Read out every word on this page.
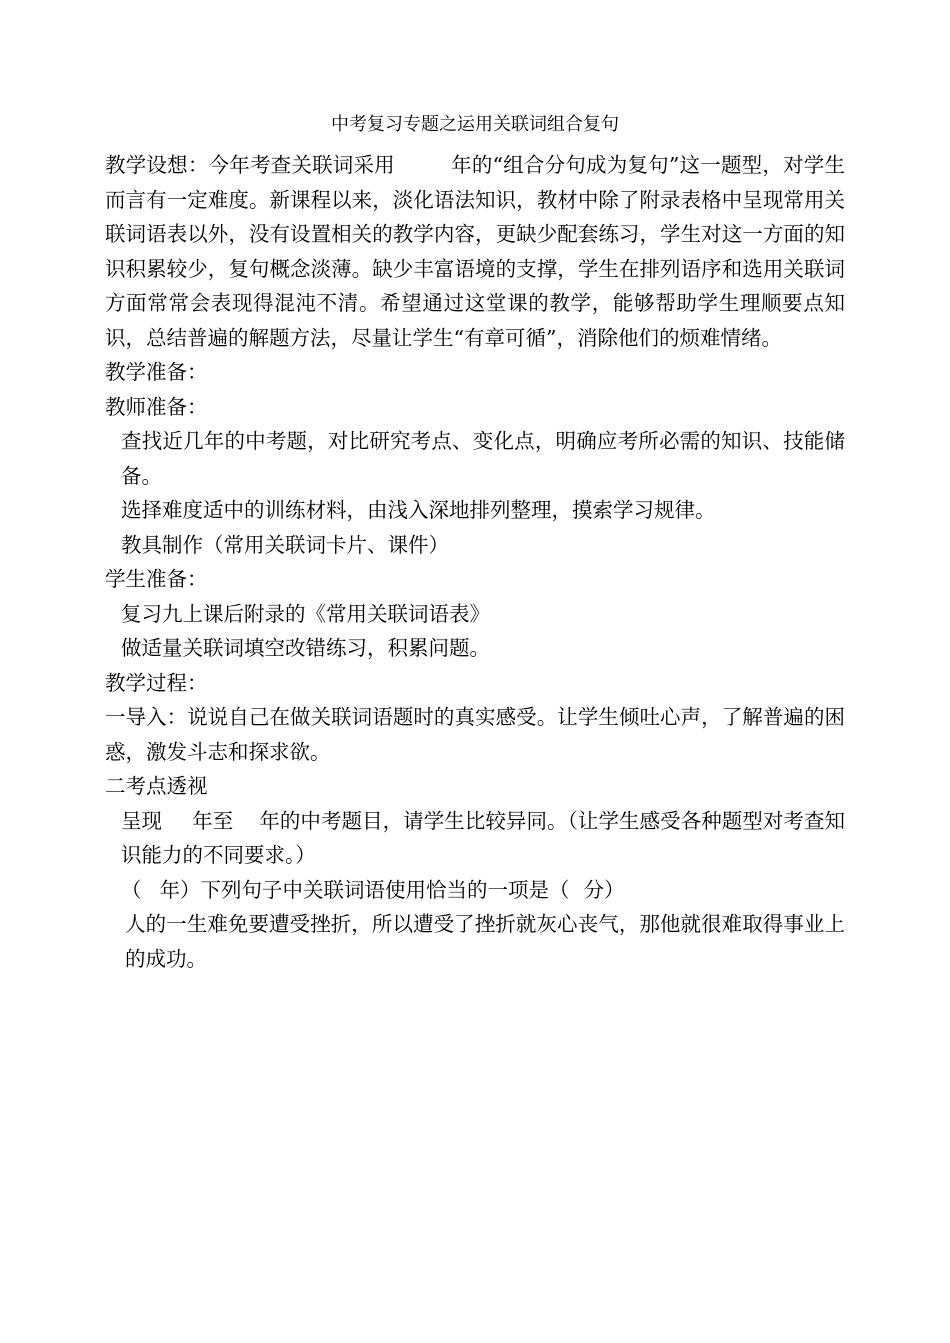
中考复习专题之运用关联词组合复句

教学设想：今年考查关联词采用	年的“组合分句成为复句”这一题型，对学生而言有一定难度。新课程以来，淡化语法知识，教材中除了附录表格中呈现常用关联词语表以外，没有设置相关的教学内容，更缺少配套练习，学生对这一方面的知识积累较少，复句概念淡薄。缺少丰富语境的支撑，学生在排列语序和选用关联词方面常常会表现得混沌不清。希望通过这堂课的教学，能够帮助学生理顺要点知识，总结普遍的解题方法，尽量让学生“有章可循”，消除他们的烦难情绪。

教学准备：

教师准备：

查找近几年的中考题，对比研究考点、变化点，明确应考所必需的知识、技能储备。

选择难度适中的训练材料，由浅入深地排列整理，摸索学习规律。

教具制作（常用关联词卡片、课件）

学生准备：

复习九上课后附录的《常用关联词语表》

做适量关联词填空改错练习，积累问题。

教学过程：

一导入：说说自己在做关联词语题时的真实感受。让学生倾吐心声，了解普遍的困惑，激发斗志和探求欲。

二考点透视

呈现 年至 年的中考题目，请学生比较异同。（让学生感受各种题型对考查知识能力的不同要求。）

（ 年）下列句子中关联词语使用恰当的一项是（ 分）

人的一生难免要遭受挫折，所以遭受了挫折就灰心丧气，那他就很难取得事业上的成功。
